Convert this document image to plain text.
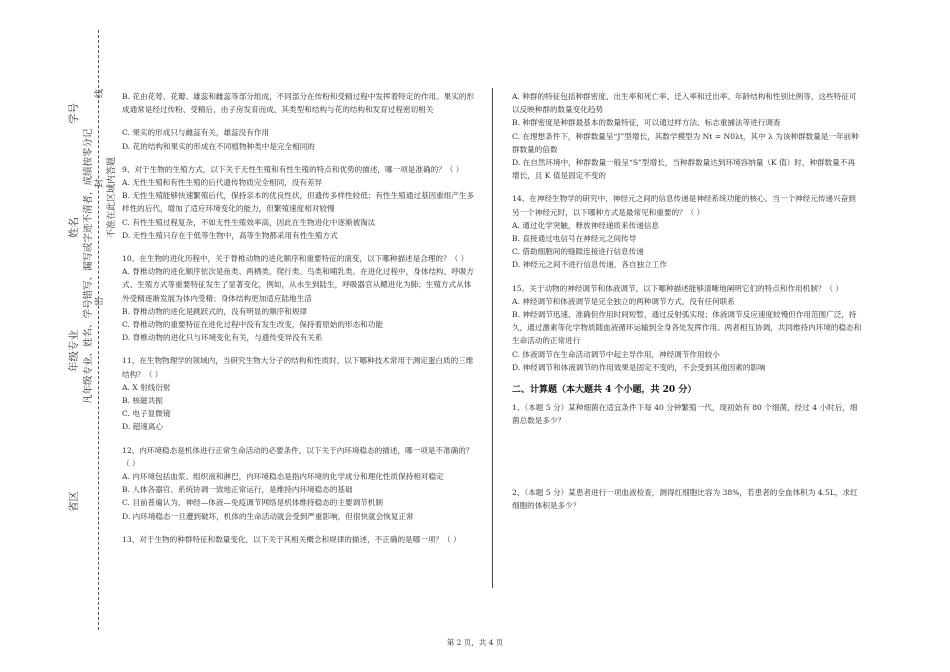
学号
姓名
年级专业
省区
凡年级专业、姓名、学号错写、漏写或字迹不清者，成绩按零分记 密
封
线
不准在此区域内答题

B. 花由花萼、花瓣、雄蕊和雌蕊等部分组成，不同部分在传粉和受精过程中发挥着特定的作用。果实的形成通常是经过传粉、受精后，由子房发育而成，其类型和结构与花的结构和发育过程密切相关

C. 果实的形成只与雌蕊有关，雄蕊没有作用

D. 花的结构和果实的形成在不同植物种类中是完全相同的

9、对于生物的生殖方式，以下关于无性生殖和有性生殖的特点和优势的描述，哪一项是准确的？（ ）

A. 无性生殖和有性生殖的后代遗传物质完全相同，没有差异

B. 无性生殖能够快速繁殖后代，保持亲本的优良性状，但遗传多样性较低；有性生殖通过基因重组产生多样性的后代，增加了适应环境变化的能力，但繁殖速度相对较慢

C. 有性生殖过程复杂，不如无性生殖效率高，因此在生物进化中逐渐被淘汰

D. 无性生殖只存在于低等生物中，高等生物都采用有性生殖方式

10、在生物的进化历程中，关于脊椎动物的进化顺序和重要特征的演变，以下哪种描述是合理的？（ ）

A. 脊椎动物的进化顺序依次是鱼类、两栖类、爬行类、鸟类和哺乳类。在进化过程中，身体结构、呼吸方式、生殖方式等重要特征发生了显著变化，例如，从水生到陆生，呼吸器官从鳃进化为肺；生殖方式从体外受精逐渐发展为体内受精；身体结构更加适应陆地生活

B. 脊椎动物的进化是跳跃式的，没有明显的顺序和规律

C. 脊椎动物的重要特征在进化过程中没有发生改变，保持着原始的形态和功能

D. 脊椎动物的进化只与环境变化有关，与遗传变异没有关系

11、在生物物理学的领域内，当研究生物大分子的结构和性质时，以下哪种技术常用于测定蛋白质的三维结构？（ ）

A. X 射线衍射

B. 核磁共振

C. 电子显微镜

D. 超速离心

12、内环境稳态是机体进行正常生命活动的必要条件，以下关于内环境稳态的描述，哪一项是不准确的？（ ）

A. 内环境包括血浆、组织液和淋巴，内环境稳态是指内环境的化学成分和理化性质保持相对稳定

B. 人体各器官、系统协调一致地正常运行，是维持内环境稳态的基础

C. 目前普遍认为，神经—体液—免疫调节网络是机体维持稳态的主要调节机制

D. 内环境稳态一旦遭到破坏，机体的生命活动就会受到严重影响，但很快就会恢复正常

13、对于生物的种群特征和数量变化，以下关于其相关概念和规律的描述，不正确的是哪一项？（ ）

A. 种群的特征包括种群密度、出生率和死亡率、迁入率和迁出率、年龄结构和性别比例等，这些特征可以反映种群的数量变化趋势

B. 种群密度是种群最基本的数量特征，可以通过样方法、标志重捕法等进行调查

C. 在理想条件下，种群数量呈“J”型增长，其数学模型为 Nt = N0λt，其中 λ 为该种群数量是一年前种群数量的倍数

D. 在自然环境中，种群数量一般呈“S”型增长，当种群数量达到环境容纳量（K 值）时，种群数量不再增长，且 K 值是固定不变的

14、在神经生物学的研究中，神经元之间的信息传递是神经系统功能的核心。当一个神经元传递兴奋到另一个神经元时，以下哪种方式是最常见和重要的？（ ）

A. 通过化学突触，释放神经递质来传递信息

B. 直接通过电信号在神经元之间传导

C. 借助细胞间的缝隙连接进行信息传递

D. 神经元之间不进行信息传递，各自独立工作

15、关于动物的神经调节和体液调节，以下哪种描述能够清晰地阐明它们的特点和作用机制？（ ）

A. 神经调节和体液调节是完全独立的两种调节方式，没有任何联系

B. 神经调节迅速、准确但作用时间短暂，通过反射弧实现；体液调节反应速度较慢但作用范围广泛，持久，通过激素等化学物质随血液循环运输到全身各处发挥作用。两者相互协调，共同维持内环境的稳态和生命活动的正常进行

C. 体液调节在生命活动调节中起主导作用，神经调节作用较小

D. 神经调节和体液调节的作用效果是固定不变的，不会受到其他因素的影响

二、计算题（本大题共 4 个小题，共 20 分）

1、（本题 5 分）某种细菌在适宜条件下每 40 分钟繁殖一代，现初始有 80 个细菌，经过 4 小时后，细菌总数是多少？

2、（本题 5 分）某患者进行一项血液检查，测得红细胞比容为 38%，若患者的全血体积为 4.5L，求红细胞的体积是多少？

第 2 页，共 4 页
